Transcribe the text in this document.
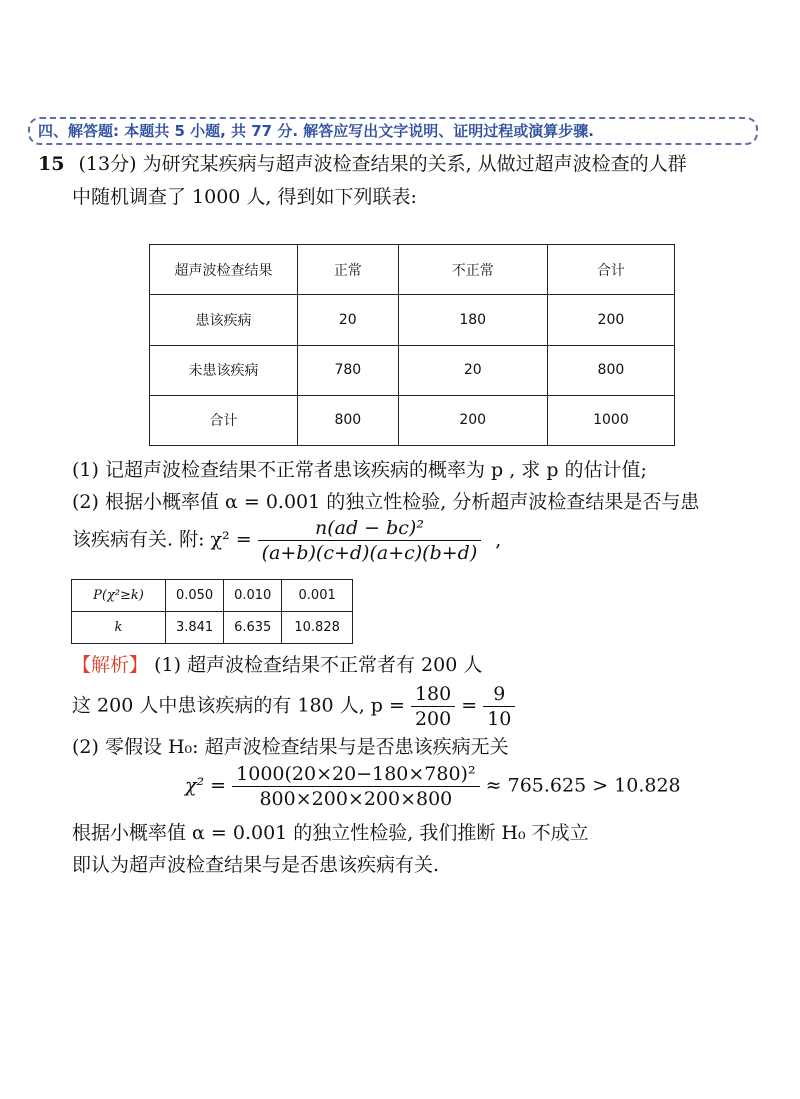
四、解答题: 本题共 5 小题, 共 77 分. 解答应写出文字说明、证明过程或演算步骤.
15 (13分) 为研究某疾病与超声波检查结果的关系, 从做过超声波检查的人群
中随机调查了 1000 人, 得到如下列联表:
超声波检查结果	正常	不正常	合计
患该疾病	20	180	200
未患该疾病	780	20	800
合计	800	200	1000
(1) 记超声波检查结果不正常者患该疾病的概率为 p , 求 p 的估计值;
(2) 根据小概率值 α = 0.001 的独立性检验, 分析超声波检查结果是否与患
该疾病有关. 附: $\chi^2 = \frac{\text{n(ad − bc)²}}{(a+b)(c+d)(a+c)(b+d)}$ ,
P(χ²≥k)	0.050	0.010	0.001
k	3.841	6.635	10.828
【解析】 (1) 超声波检查结果不正常者有 200 人
这 200 人中患该疾病的有 180 人, $p = \frac{180}{200} = \frac{9}{10}$
(2) 零假设 H₀: 超声波检查结果与是否患该疾病无关
$\chi^2 = \frac{\text{1000(20×20−180×780)²}}{800\times 200\times 200\times 800} \approx 765.625 > 10.828$
根据小概率值 α = 0.001 的独立性检验, 我们推断 H₀ 不成立
即认为超声波检查结果与是否患该疾病有关.
